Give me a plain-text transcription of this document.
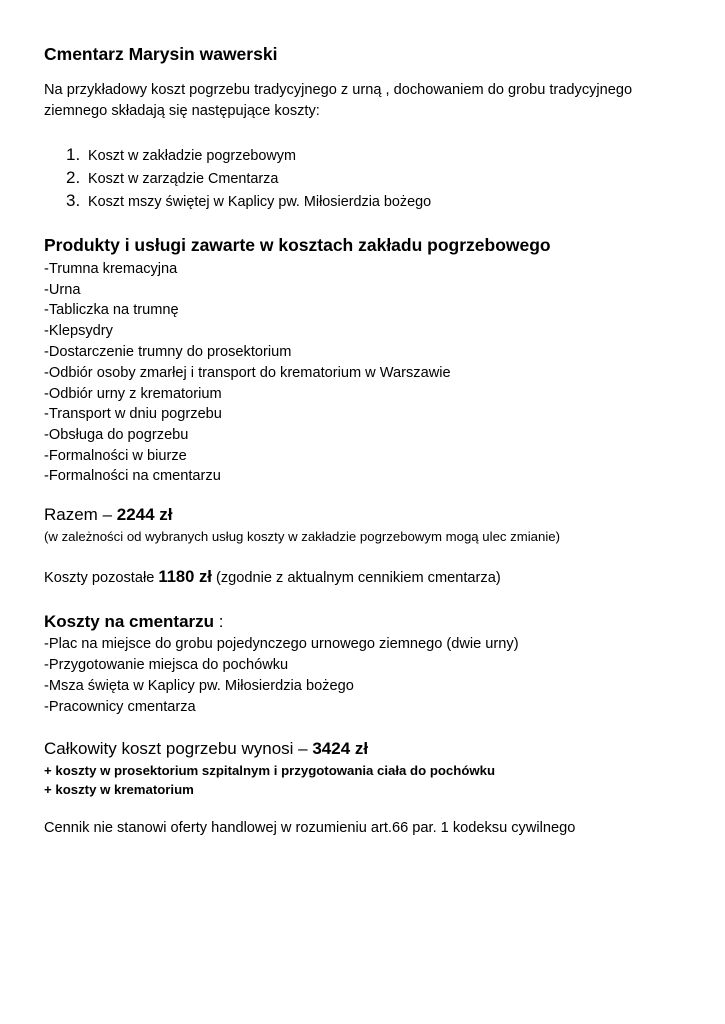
Cmentarz Marysin wawerski
Na przykładowy koszt pogrzebu tradycyjnego z urną , dochowaniem do grobu tradycyjnego ziemnego składają się następujące koszty:
1. Koszt w zakładzie pogrzebowym
2. Koszt w zarządzie Cmentarza
3. Koszt mszy świętej w Kaplicy pw. Miłosierdzia bożego
Produkty i usługi zawarte w kosztach zakładu pogrzebowego
-Trumna kremacyjna
-Urna
-Tabliczka na trumnę
-Klepsydry
-Dostarczenie trumny do prosektorium
-Odbiór osoby zmarłej i transport do krematorium w Warszawie
-Odbiór urny z krematorium
-Transport w dniu pogrzebu
-Obsługa do pogrzebu
-Formalności w biurze
-Formalności na cmentarzu
Razem – 2244 zł
(w zależności od wybranych usług koszty w zakładzie pogrzebowym mogą ulec zmianie)
Koszty pozostałe 1180 zł (zgodnie z aktualnym cennikiem cmentarza)
Koszty na cmentarzu :
-Plac na miejsce do grobu pojedynczego urnowego ziemnego (dwie urny)
-Przygotowanie miejsca do pochówku
-Msza święta w Kaplicy pw. Miłosierdzia bożego
-Pracownicy cmentarza
Całkowity koszt pogrzebu wynosi – 3424 zł
+ koszty w prosektorium szpitalnym i przygotowania ciała do pochówku
+ koszty w krematorium
Cennik nie stanowi oferty handlowej w rozumieniu art.66 par. 1 kodeksu cywilnego
